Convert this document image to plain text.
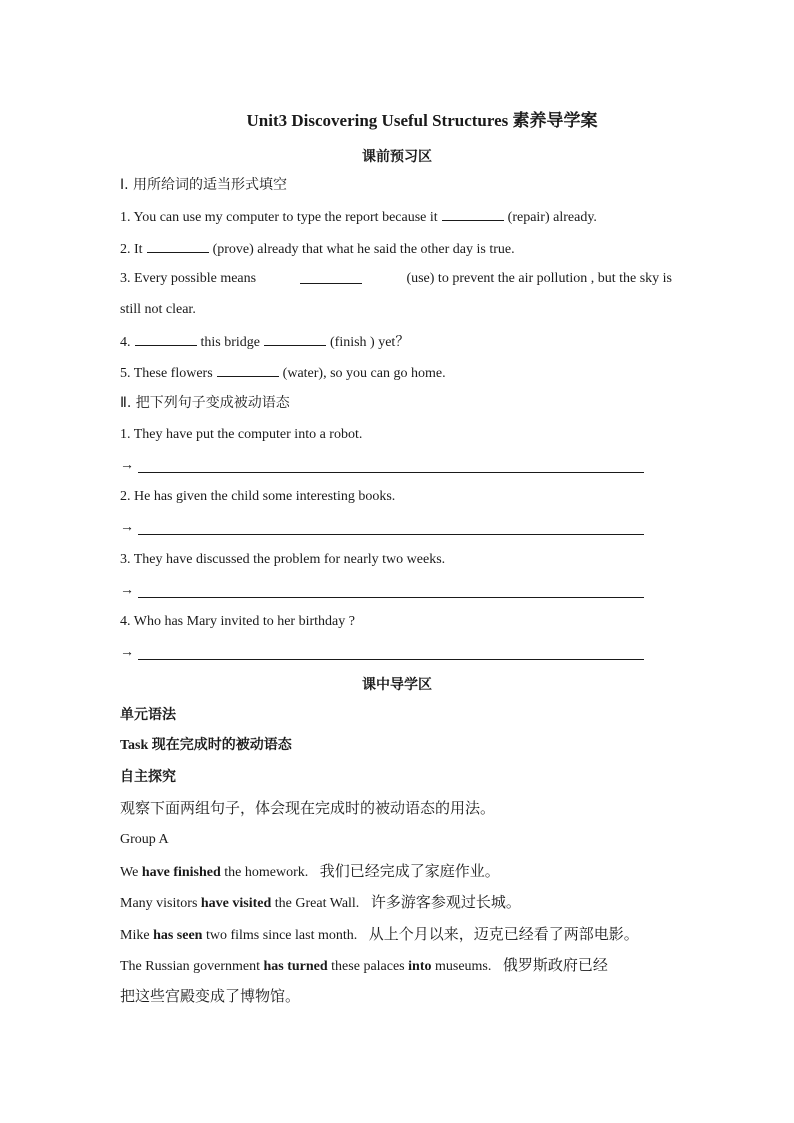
Unit3 Discovering Useful Structures 素养导学案
课前预习区
I. 用所给词的适当形式填空
1. You can use my computer to type the report because it	(repair) already.
2. It	(prove) already that what he said the other day is true.
3. Every possible means	(use) to prevent the air pollution , but the sky is
still not clear.
4.	this bridge	(finish ) yet？
5. These flowers	(water), so you can go home.
Ⅱ. 把下列句子变成被动语态
1. They have put the computer into a robot.
→
2. He has given the child some interesting books.
→
3. They have discussed the problem for nearly two weeks.
→
4. Who has Mary invited to her birthday ?
→
课中导学区
单元语法
Task 现在完成时的被动语态
自主探究
观察下面两组句子，体会现在完成时的被动语态的用法。
Group A
We have finished the homework. 我们已经完成了家庭作业。
Many visitors have visited the Great Wall. 许多游客参观过长城。
Mike has seen two films since last month. 从上个月以来，迈克已经看了两部电影。
The Russian government has turned these palaces into museums. 俄罗斯政府已经
把这些宫殿变成了博物馆。
